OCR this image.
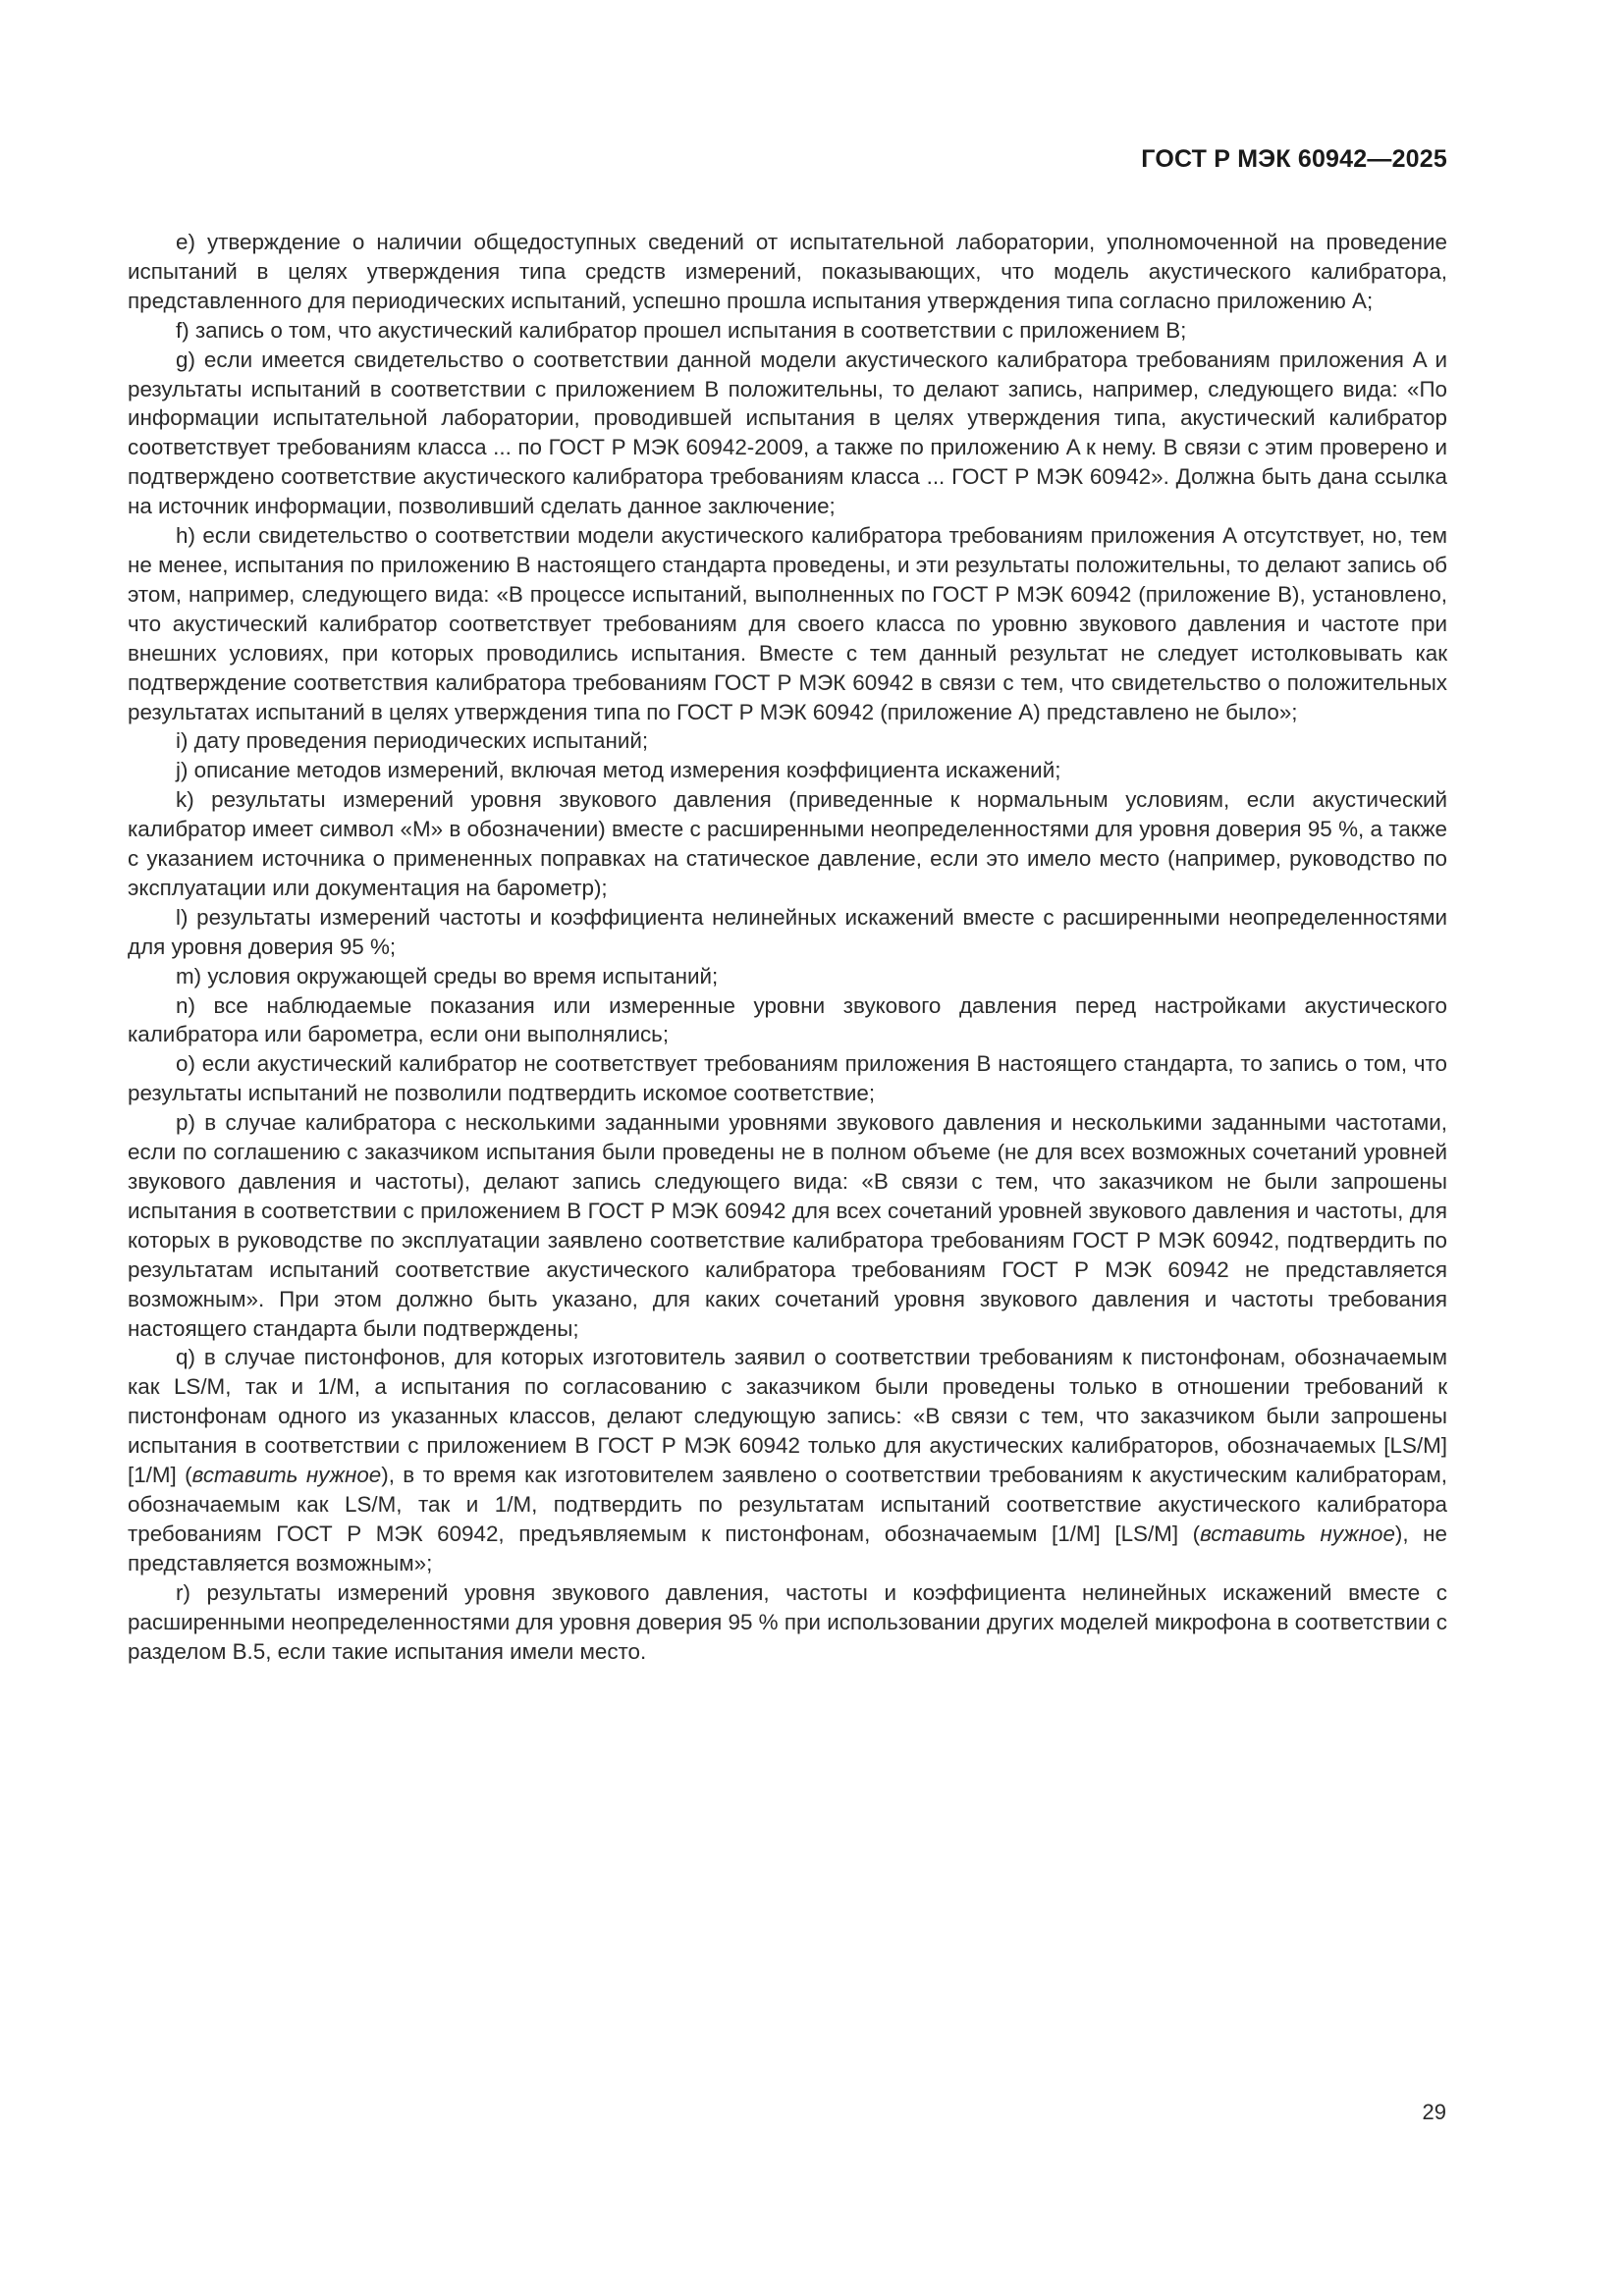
ГОСТ Р МЭК 60942—2025

e) утверждение о наличии общедоступных сведений от испытательной лаборатории, уполномоченной на проведение испытаний в целях утверждения типа средств измерений, показывающих, что модель акустического калибратора, представленного для периодических испытаний, успешно прошла испытания утверждения типа согласно приложению A;

f) запись о том, что акустический калибратор прошел испытания в соответствии с приложением B;

g) если имеется свидетельство о соответствии данной модели акустического калибратора требованиям приложения A и результаты испытаний в соответствии с приложением B положительны, то делают запись, например, следующего вида: «По информации испытательной лаборатории, проводившей испытания в целях утверждения типа, акустический калибратор соответствует требованиям класса ... по ГОСТ Р МЭК 60942-2009, а также по приложению A к нему. В связи с этим проверено и подтверждено соответствие акустического калибратора требованиям класса ... ГОСТ Р МЭК 60942». Должна быть дана ссылка на источник информации, позволивший сделать данное заключение;

h) если свидетельство о соответствии модели акустического калибратора требованиям приложения A отсутствует, но, тем не менее, испытания по приложению B настоящего стандарта проведены, и эти результаты положительны, то делают запись об этом, например, следующего вида: «В процессе испытаний, выполненных по ГОСТ Р МЭК 60942 (приложение B), установлено, что акустический калибратор соответствует требованиям для своего класса по уровню звукового давления и частоте при внешних условиях, при которых проводились испытания. Вместе с тем данный результат не следует истолковывать как подтверждение соответствия калибратора требованиям ГОСТ Р МЭК 60942 в связи с тем, что свидетельство о положительных результатах испытаний в целях утверждения типа по ГОСТ Р МЭК 60942 (приложение A) представлено не было»;

i) дату проведения периодических испытаний;

j) описание методов измерений, включая метод измерения коэффициента искажений;

k) результаты измерений уровня звукового давления (приведенные к нормальным условиям, если акустический калибратор имеет символ «M» в обозначении) вместе с расширенными неопределенностями для уровня доверия 95 %, а также с указанием источника о примененных поправках на статическое давление, если это имело место (например, руководство по эксплуатации или документация на барометр);

l) результаты измерений частоты и коэффициента нелинейных искажений вместе с расширенными неопределенностями для уровня доверия 95 %;

m) условия окружающей среды во время испытаний;

n) все наблюдаемые показания или измеренные уровни звукового давления перед настройками акустического калибратора или барометра, если они выполнялись;

o) если акустический калибратор не соответствует требованиям приложения B настоящего стандарта, то запись о том, что результаты испытаний не позволили подтвердить искомое соответствие;

p) в случае калибратора с несколькими заданными уровнями звукового давления и несколькими заданными частотами, если по соглашению с заказчиком испытания были проведены не в полном объеме (не для всех возможных сочетаний уровней звукового давления и частоты), делают запись следующего вида: «В связи с тем, что заказчиком не были запрошены испытания в соответствии с приложением B ГОСТ Р МЭК 60942 для всех сочетаний уровней звукового давления и частоты, для которых в руководстве по эксплуатации заявлено соответствие калибратора требованиям ГОСТ Р МЭК 60942, подтвердить по результатам испытаний соответствие акустического калибратора требованиям ГОСТ Р МЭК 60942 не представляется возможным». При этом должно быть указано, для каких сочетаний уровня звукового давления и частоты требования настоящего стандарта были подтверждены;

q) в случае пистонфонов, для которых изготовитель заявил о соответствии требованиям к пистонфонам, обозначаемым как LS/M, так и 1/M, а испытания по согласованию с заказчиком были проведены только в отношении требований к пистонфонам одного из указанных классов, делают следующую запись: «В связи с тем, что заказчиком были запрошены испытания в соответствии с приложением B ГОСТ Р МЭК 60942 только для акустических калибраторов, обозначаемых [LS/M] [1/M] (вставить нужное), в то время как изготовителем заявлено о соответствии требованиям к акустическим калибраторам, обозначаемым как LS/M, так и 1/M, подтвердить по результатам испытаний соответствие акустического калибратора требованиям ГОСТ Р МЭК 60942, предъявляемым к пистонфонам, обозначаемым [1/M] [LS/M] (вставить нужное), не представляется возможным»;

r) результаты измерений уровня звукового давления, частоты и коэффициента нелинейных искажений вместе с расширенными неопределенностями для уровня доверия 95 % при использовании других моделей микрофона в соответствии с разделом B.5, если такие испытания имели место.

29
